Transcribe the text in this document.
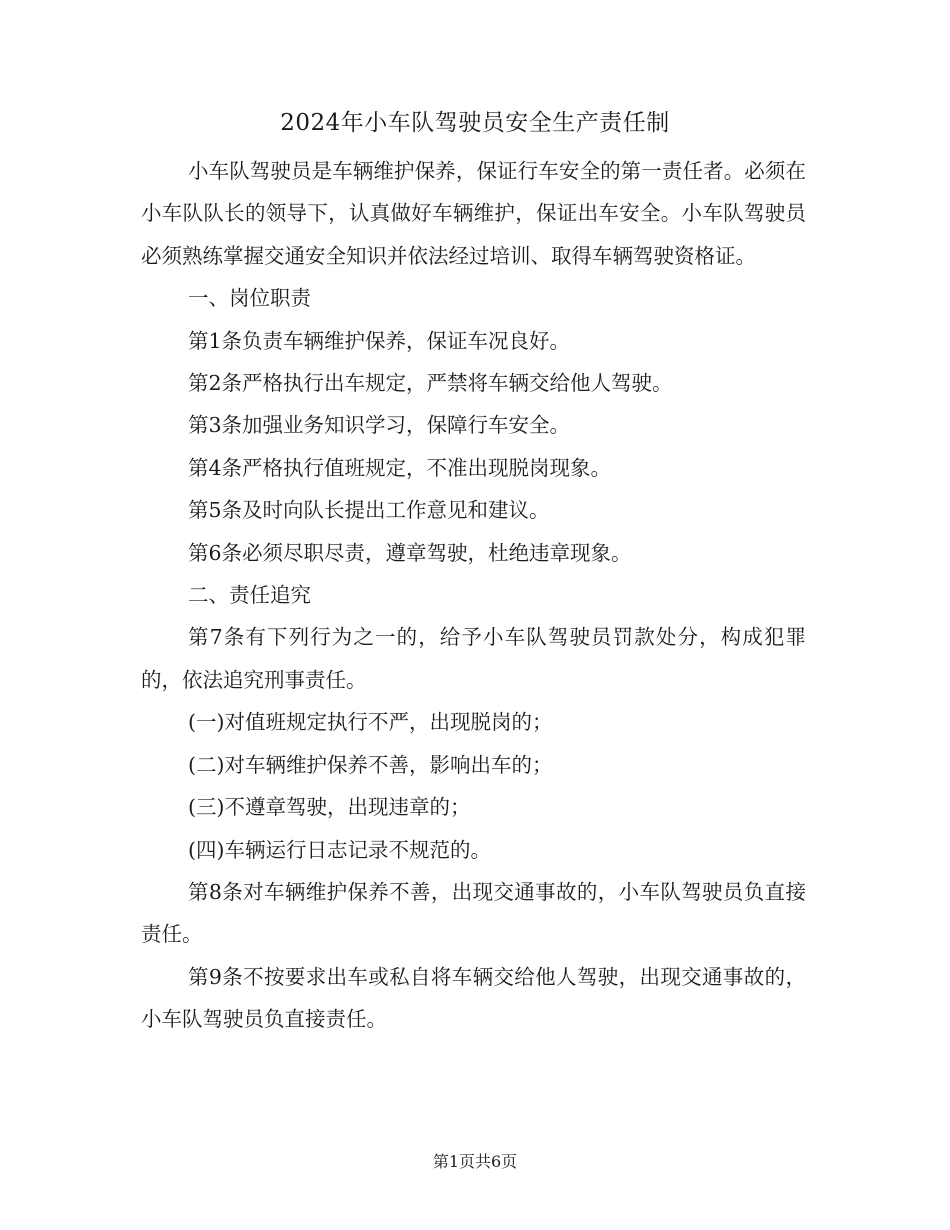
2024年小车队驾驶员安全生产责任制

小车队驾驶员是车辆维护保养，保证行车安全的第一责任者。必须在小车队队长的领导下，认真做好车辆维护，保证出车安全。小车队驾驶员必须熟练掌握交通安全知识并依法经过培训、取得车辆驾驶资格证。

一、岗位职责

第1条负责车辆维护保养，保证车况良好。

第2条严格执行出车规定，严禁将车辆交给他人驾驶。

第3条加强业务知识学习，保障行车安全。

第4条严格执行值班规定，不准出现脱岗现象。

第5条及时向队长提出工作意见和建议。

第6条必须尽职尽责，遵章驾驶，杜绝违章现象。

二、责任追究

第7条有下列行为之一的，给予小车队驾驶员罚款处分，构成犯罪的，依法追究刑事责任。

(一)对值班规定执行不严，出现脱岗的；

(二)对车辆维护保养不善，影响出车的；

(三)不遵章驾驶，出现违章的；

(四)车辆运行日志记录不规范的。

第8条对车辆维护保养不善，出现交通事故的，小车队驾驶员负直接责任。

第9条不按要求出车或私自将车辆交给他人驾驶，出现交通事故的，小车队驾驶员负直接责任。

第1页共6页
